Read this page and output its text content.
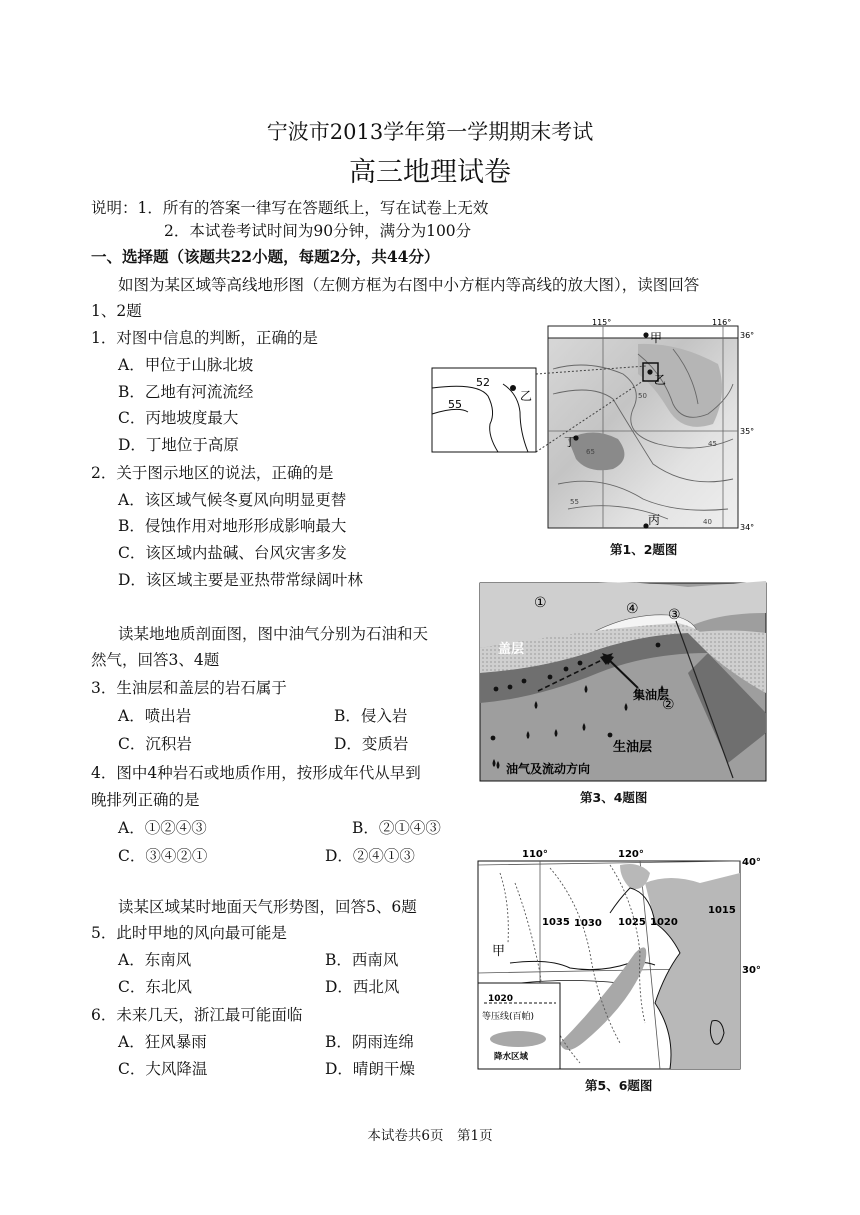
宁波市2013学年第一学期期末考试
高三地理试卷
说明：1．所有的答案一律写在答题纸上，写在试卷上无效
2．本试卷考试时间为90分钟，满分为100分
一、选择题（该题共22小题，每题2分，共44分）
如图为某区域等高线地形图（左侧方框为右图中小方框内等高线的放大图），读图回答
1、2题
1．对图中信息的判断，正确的是
A．甲位于山脉北坡
B．乙地有河流流经
C．丙地坡度最大
D．丁地位于高原
2．关于图示地区的说法，正确的是
A．该区域气候冬夏风向明显更替
B．侵蚀作用对地形形成影响最大
C．该区域内盐碱、台风灾害多发
D．该区域主要是亚热带常绿阔叶林
读某地地质剖面图，图中油气分别为石油和天
然气，回答3、4题
3．生油层和盖层的岩石属于
A．喷出岩	B．侵入岩
C．沉积岩	D．变质岩
4．图中4种岩石或地质作用，按形成年代从早到
晚排列正确的是
A．①②④③	B．②①④③
C．③④②①	D．②④①③
读某区域某时地面天气形势图，回答5、6题
5．此时甲地的风向最可能是
A．东南风	B．西南风
C．东北风	D．西北风
6．未来几天，浙江最可能面临
A．狂风暴雨	B．阴雨连绵
C．大风降温	D．晴朗干燥
52
55
乙
甲
乙
丙
丁
65
50
45
55
40
115°	116°
36°
35°
34°
第1、2题图
①
②
③
④
盖层
集油层
生油层
油气及流动方向
第3、4题图
1020
等压线(百帕)
降水区域
1035 1030 1025 1020
1015
甲
110°	120°
40°
30°
第5、6题图
本试卷共6页　第1页
